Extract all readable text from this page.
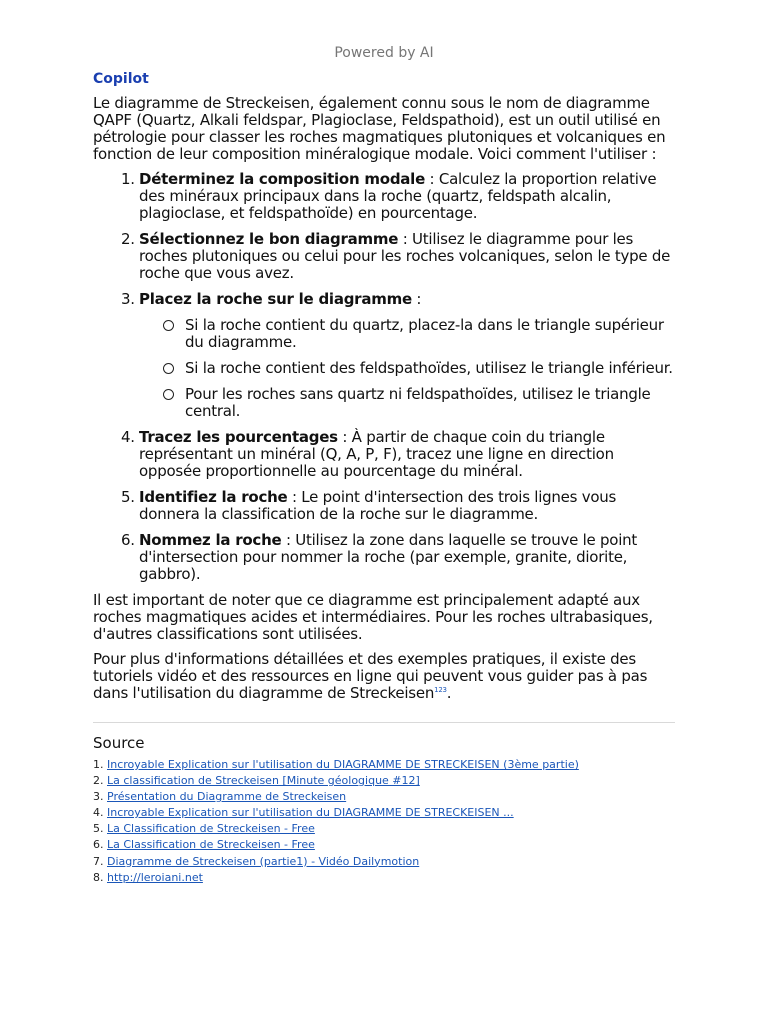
Powered by AI
Copilot

Le diagramme de Streckeisen, également connu sous le nom de diagramme QAPF (Quartz, Alkali feldspar, Plagioclase, Feldspathoid), est un outil utilisé en pétrologie pour classer les roches magmatiques plutoniques et volcaniques en fonction de leur composition minéralogique modale. Voici comment l'utiliser :

1. Déterminez la composition modale : Calculez la proportion relative des minéraux principaux dans la roche (quartz, feldspath alcalin, plagioclase, et feldspathoïde) en pourcentage.
2. Sélectionnez le bon diagramme : Utilisez le diagramme pour les roches plutoniques ou celui pour les roches volcaniques, selon le type de roche que vous avez.
3. Placez la roche sur le diagramme :
Si la roche contient du quartz, placez-la dans le triangle supérieur du diagramme.
Si la roche contient des feldspathoïdes, utilisez le triangle inférieur.
Pour les roches sans quartz ni feldspathoïdes, utilisez le triangle central.
4. Tracez les pourcentages : À partir de chaque coin du triangle représentant un minéral (Q, A, P, F), tracez une ligne en direction opposée proportionnelle au pourcentage du minéral.
5. Identifiez la roche : Le point d'intersection des trois lignes vous donnera la classification de la roche sur le diagramme.
6. Nommez la roche : Utilisez la zone dans laquelle se trouve le point d'intersection pour nommer la roche (par exemple, granite, diorite, gabbro).

Il est important de noter que ce diagramme est principalement adapté aux roches magmatiques acides et intermédiaires. Pour les roches ultrabasiques, d'autres classifications sont utilisées.

Pour plus d'informations détaillées et des exemples pratiques, il existe des tutoriels vidéo et des ressources en ligne qui peuvent vous guider pas à pas dans l'utilisation du diagramme de Streckeisen$^{123}$.

Source
1. Incroyable Explication sur l'utilisation du DIAGRAMME DE STRECKEISEN (3ème partie)
2. La classification de Streckeisen [Minute géologique #12]
3. Présentation du Diagramme de Streckeisen
4. Incroyable Explication sur l'utilisation du DIAGRAMME DE STRECKEISEN ...
5. La Classification de Streckeisen - Free
6. La Classification de Streckeisen - Free
7. Diagramme de Streckeisen (partie1) - Vidéo Dailymotion
8. http://leroiani.net
